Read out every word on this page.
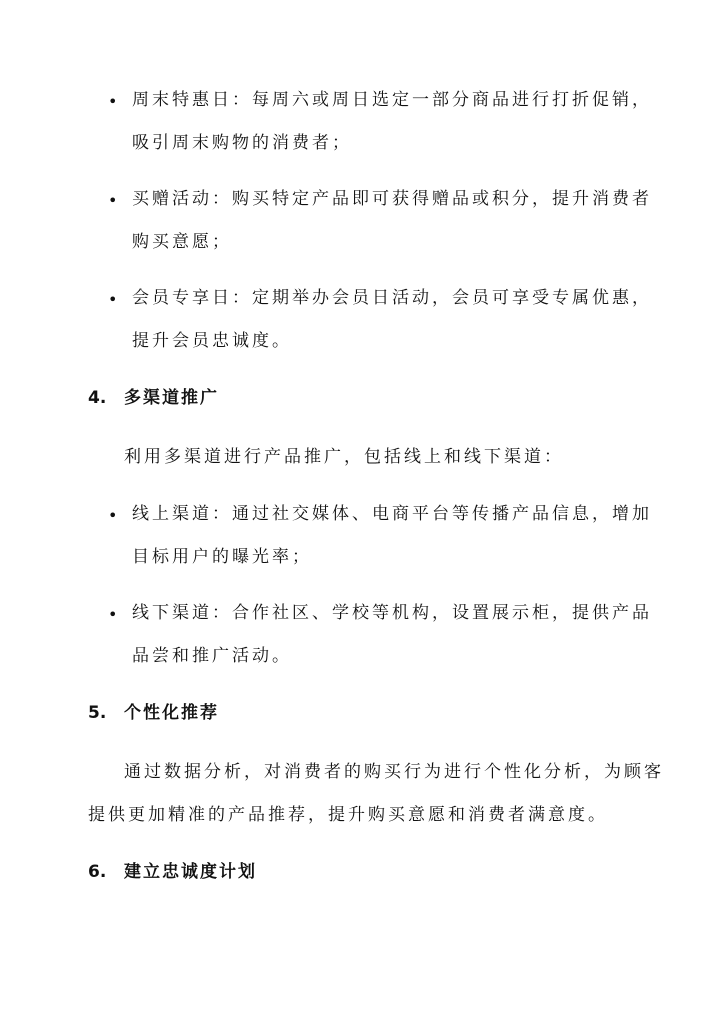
• 周末特惠日：每周六或周日选定一部分商品进行打折促销，
吸引周末购物的消费者；
• 买赠活动：购买特定产品即可获得赠品或积分，提升消费者
购买意愿；
• 会员专享日：定期举办会员日活动，会员可享受专属优惠，
提升会员忠诚度。
4. 多渠道推广
利用多渠道进行产品推广，包括线上和线下渠道：
• 线上渠道：通过社交媒体、电商平台等传播产品信息，增加
目标用户的曝光率；
• 线下渠道：合作社区、学校等机构，设置展示柜，提供产品
品尝和推广活动。
5. 个性化推荐
通过数据分析，对消费者的购买行为进行个性化分析，为顾客
提供更加精准的产品推荐，提升购买意愿和消费者满意度。
6. 建立忠诚度计划
